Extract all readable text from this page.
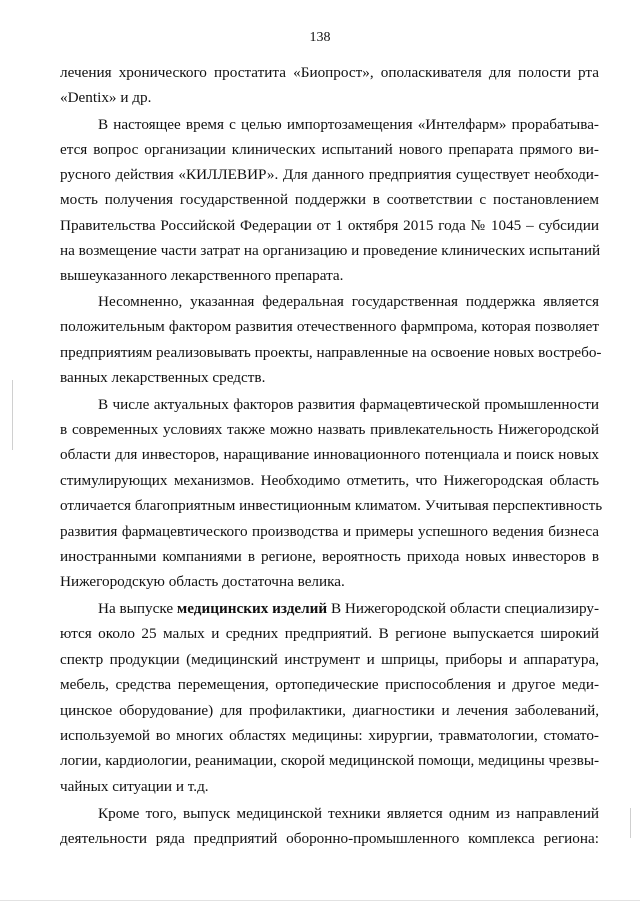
138
лечения хронического простатита «Биопрост», ополаскивателя для полости рта
«Dentix» и др.
В настоящее время с целью импортозамещения «Интелфарм» прорабатыва-
ется вопрос организации клинических испытаний нового препарата прямого ви-
русного действия «КИЛЛЕВИР». Для данного предприятия существует необходи-
мость получения государственной поддержки в соответствии с постановлением
Правительства Российской Федерации от 1 октября 2015 года № 1045 – субсидии
на возмещение части затрат на организацию и проведение клинических испытаний
вышеуказанного лекарственного препарата.
Несомненно, указанная федеральная государственная поддержка является
положительным фактором развития отечественного фармпрома, которая позволяет
предприятиям реализовывать проекты, направленные на освоение новых востребо-
ванных лекарственных средств.
В числе актуальных факторов развития фармацевтической промышленности
в современных условиях также можно назвать привлекательность Нижегородской
области для инвесторов, наращивание инновационного потенциала и поиск новых
стимулирующих механизмов. Необходимо отметить, что Нижегородская область
отличается благоприятным инвестиционным климатом. Учитывая перспективность
развития фармацевтического производства и примеры успешного ведения бизнеса
иностранными компаниями в регионе, вероятность прихода новых инвесторов в
Нижегородскую область достаточна велика.
На выпуске медицинских изделий В Нижегородской области специализиру-
ются около 25 малых и средних предприятий. В регионе выпускается широкий
спектр продукции (медицинский инструмент и шприцы, приборы и аппаратура,
мебель, средства перемещения, ортопедические приспособления и другое меди-
цинское оборудование) для профилактики, диагностики и лечения заболеваний,
используемой во многих областях медицины: хирургии, травматологии, стомато-
логии, кардиологии, реанимации, скорой медицинской помощи, медицины чрезвы-
чайных ситуации и т.д.
Кроме того, выпуск медицинской техники является одним из направлений
деятельности ряда предприятий оборонно-промышленного комплекса региона:
